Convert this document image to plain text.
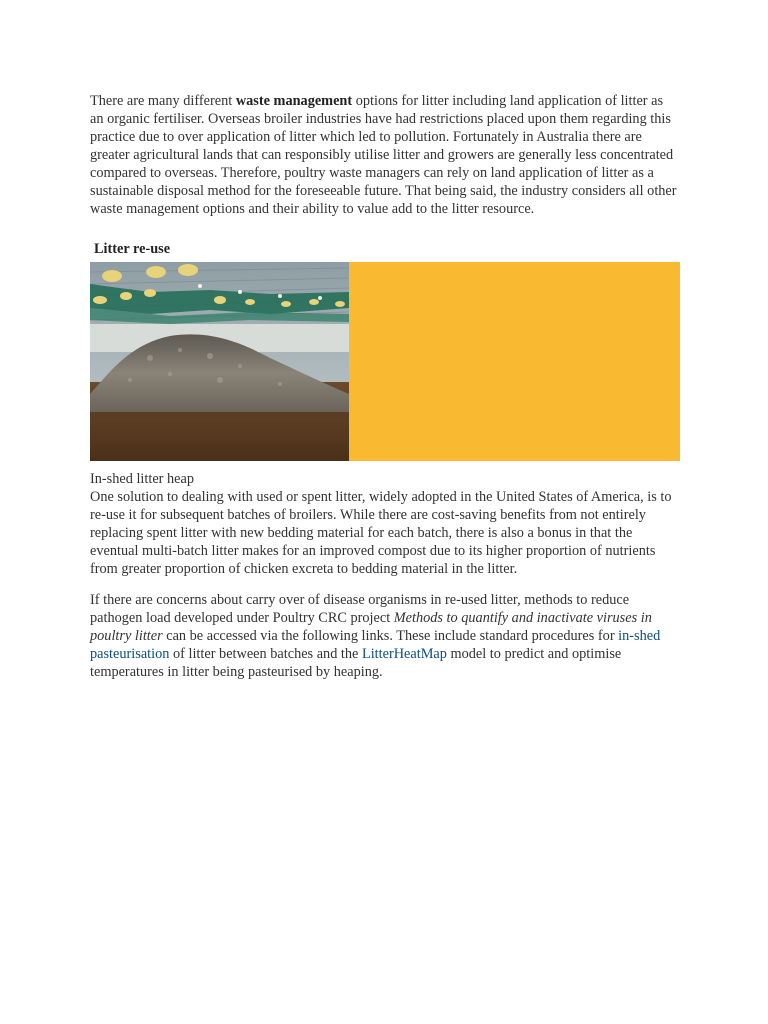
There are many different waste management options for litter including land application of litter as an organic fertiliser. Overseas broiler industries have had restrictions placed upon them regarding this practice due to over application of litter which led to pollution. Fortunately in Australia there are greater agricultural lands that can responsibly utilise litter and growers are generally less concentrated compared to overseas. Therefore, poultry waste managers can rely on land application of litter as a sustainable disposal method for the foreseeable future. That being said, the industry considers all other waste management options and their ability to value add to the litter resource.

Litter re-use

In-shed litter heap

One solution to dealing with used or spent litter, widely adopted in the United States of America, is to re-use it for subsequent batches of broilers. While there are cost-saving benefits from not entirely replacing spent litter with new bedding material for each batch, there is also a bonus in that the eventual multi-batch litter makes for an improved compost due to its higher proportion of nutrients from greater proportion of chicken excreta to bedding material in the litter.

If there are concerns about carry over of disease organisms in re-used litter, methods to reduce pathogen load developed under Poultry CRC project Methods to quantify and inactivate viruses in poultry litter can be accessed via the following links. These include standard procedures for in-shed pasteurisation of litter between batches and the LitterHeatMap model to predict and optimise temperatures in litter being pasteurised by heaping.
